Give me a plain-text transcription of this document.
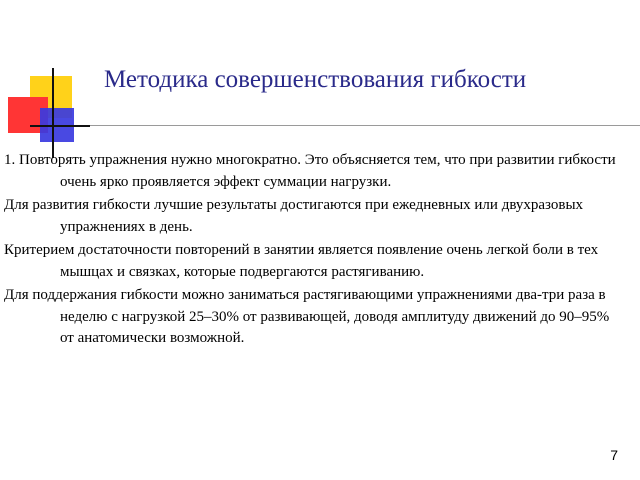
Методика совершенствования гибкости

1. Повторять упражнения нужно многократно. Это объясняется тем, что при развитии гибкости очень ярко проявляется эффект суммации нагрузки.

Для развития гибкости лучшие результаты достигаются при ежедневных или двухразовых упражнениях в день.

Критерием достаточности повторений в занятии является появление очень легкой боли в тех мышцах и связках, которые подвергаются растягиванию.

Для поддержания гибкости можно заниматься растягивающими упражнениями два-три раза в неделю с нагрузкой 25–30% от развивающей, доводя амплитуду движений до 90–95% от анатомически возможной.

7
